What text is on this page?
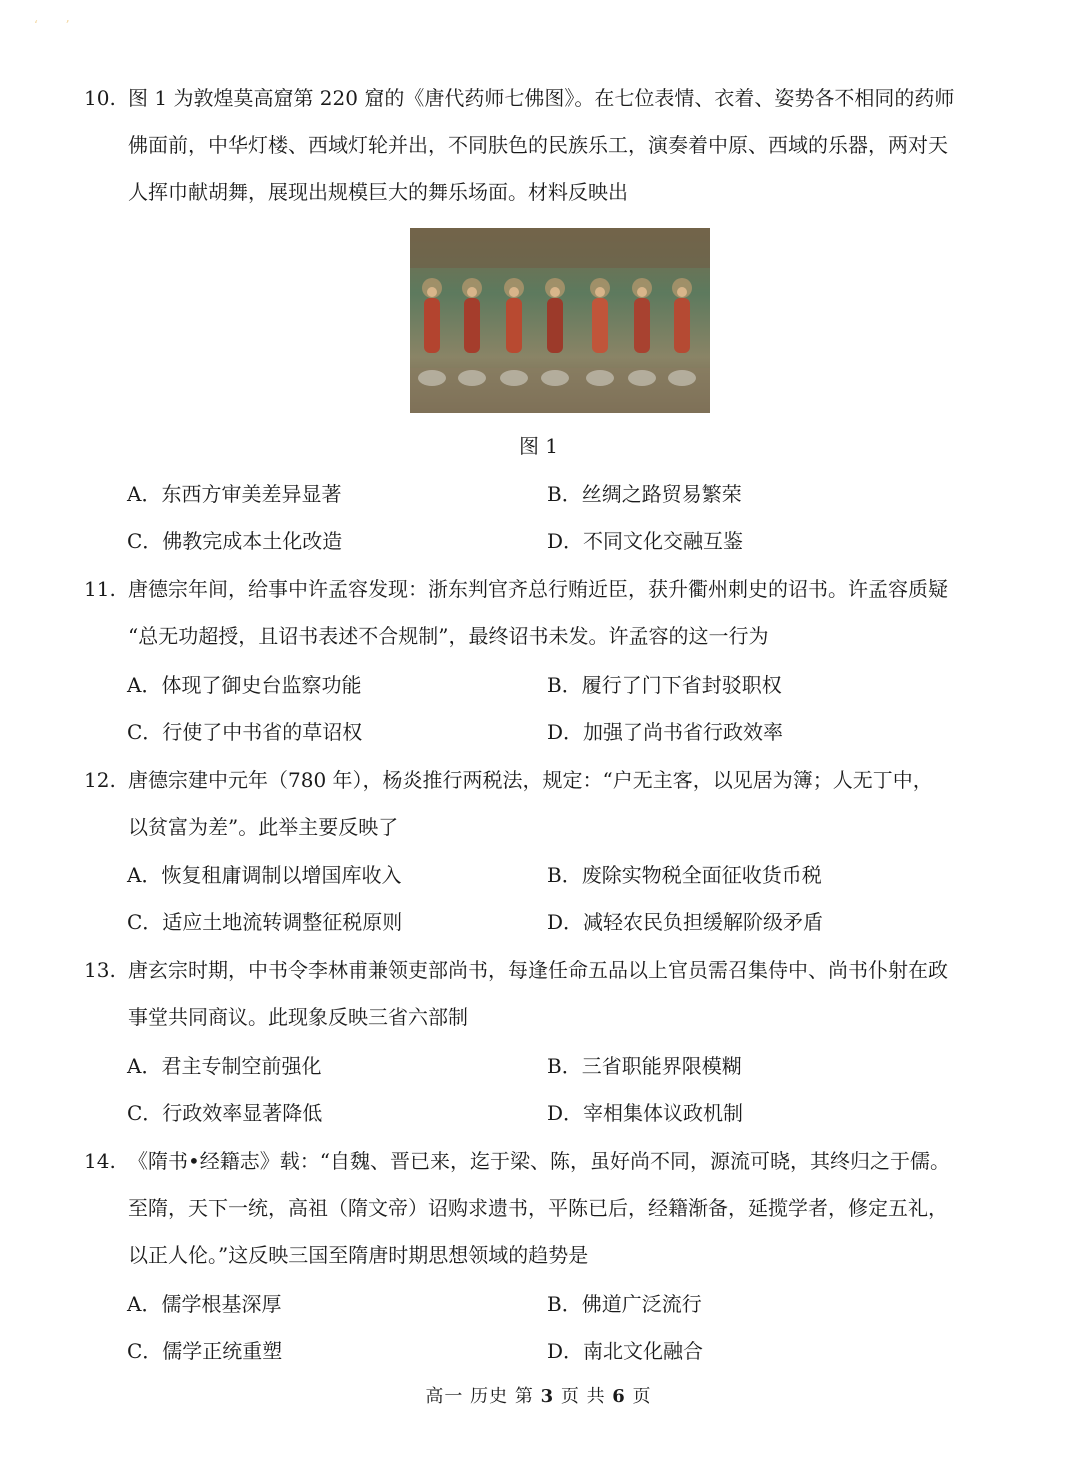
‘ ’
10. 图 1 为敦煌莫高窟第 220 窟的《唐代药师七佛图》。在七位表情、衣着、姿势各不相同的药师
佛面前，中华灯楼、西域灯轮并出，不同肤色的民族乐工，演奏着中原、西域的乐器，两对天
人挥巾献胡舞，展现出规模巨大的舞乐场面。材料反映出
图 1
A．东西方审美差异显著	B．丝绸之路贸易繁荣
C．佛教完成本土化改造	D．不同文化交融互鉴
11. 唐德宗年间，给事中许孟容发现：浙东判官齐总行贿近臣，获升衢州刺史的诏书。许孟容质疑
“总无功超授，且诏书表述不合规制”，最终诏书未发。许孟容的这一行为
A．体现了御史台监察功能	B．履行了门下省封驳职权
C．行使了中书省的草诏权	D．加强了尚书省行政效率
12. 唐德宗建中元年（780 年），杨炎推行两税法，规定：“户无主客，以见居为簿；人无丁中，
以贫富为差”。此举主要反映了
A．恢复租庸调制以增国库收入	B．废除实物税全面征收货币税
C．适应土地流转调整征税原则	D．减轻农民负担缓解阶级矛盾
13. 唐玄宗时期，中书令李林甫兼领吏部尚书，每逢任命五品以上官员需召集侍中、尚书仆射在政
事堂共同商议。此现象反映三省六部制
A．君主专制空前强化	B．三省职能界限模糊
C．行政效率显著降低	D．宰相集体议政机制
14. 《隋书•经籍志》载：“自魏、晋已来，迄于梁、陈，虽好尚不同，源流可晓，其终归之于儒。
至隋，天下一统，高祖（隋文帝）诏购求遗书，平陈已后，经籍渐备，延揽学者，修定五礼，
以正人伦。”这反映三国至隋唐时期思想领域的趋势是
A．儒学根基深厚	B．佛道广泛流行
C．儒学正统重塑	D．南北文化融合
高一 历史 第 3 页 共 6 页
